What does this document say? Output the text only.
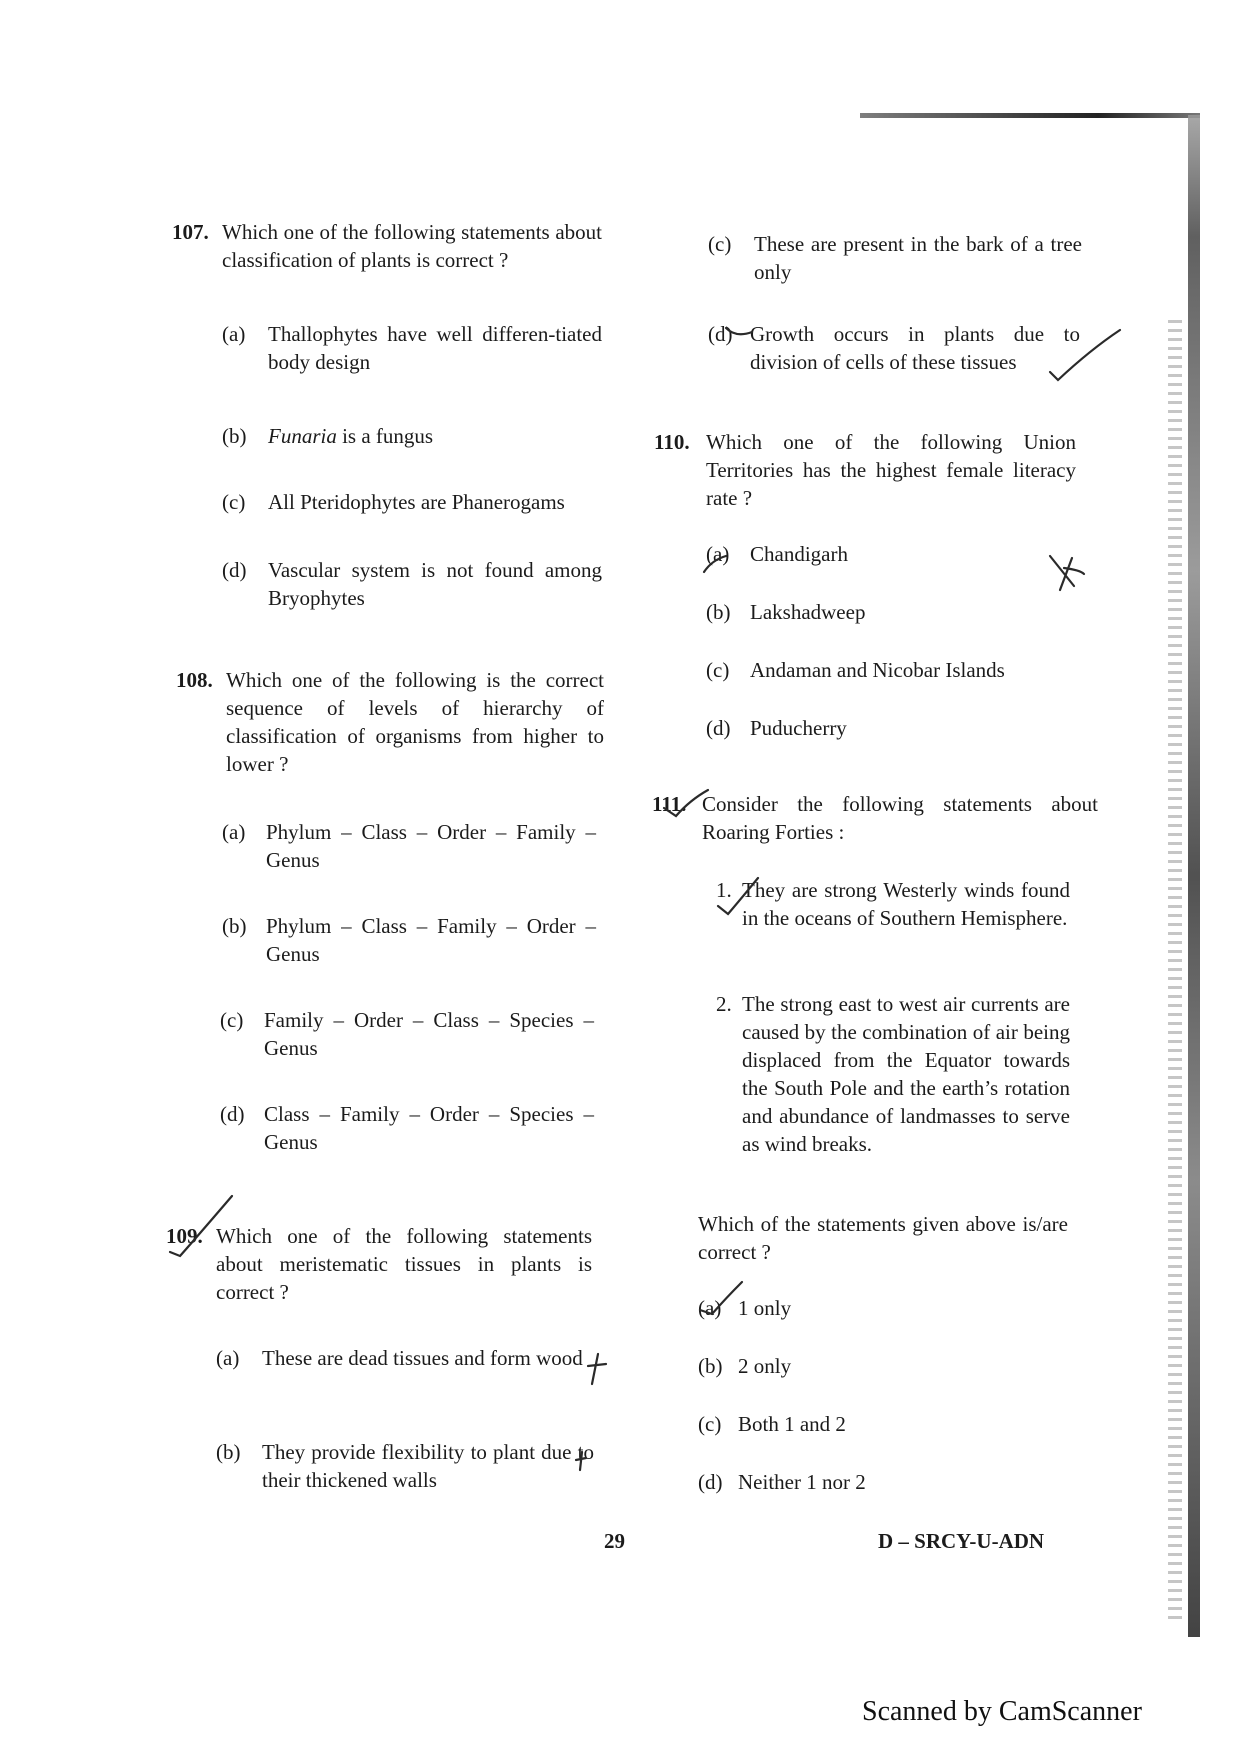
107. Which one of the following statements about classification of plants is correct ?
(a) Thallophytes have well differen-tiated body design
(b) Funaria is a fungus
(c) All Pteridophytes are Phanerogams
(d) Vascular system is not found among Bryophytes
108. Which one of the following is the correct sequence of levels of hierarchy of classification of organisms from higher to lower ?
(a) Phylum – Class – Order – Family – Genus
(b) Phylum – Class – Family – Order – Genus
(c) Family – Order – Class – Species – Genus
(d) Class – Family – Order – Species – Genus
109. Which one of the following statements about meristematic tissues in plants is correct ?
(a) These are dead tissues and form wood
(b) They provide flexibility to plant due to their thickened walls
(c) These are present in the bark of a tree only
(d) Growth occurs in plants due to division of cells of these tissues
110. Which one of the following Union Territories has the highest female literacy rate ?
(a) Chandigarh
(b) Lakshadweep
(c) Andaman and Nicobar Islands
(d) Puducherry
111. Consider the following statements about Roaring Forties :
1. They are strong Westerly winds found in the oceans of Southern Hemisphere.
2. The strong east to west air currents are caused by the combination of air being displaced from the Equator towards the South Pole and the earth’s rotation and abundance of landmasses to serve as wind breaks.
Which of the statements given above is/are correct ?
(a) 1 only
(b) 2 only
(c) Both 1 and 2
(d) Neither 1 nor 2
29	D – SRCY-U-ADN
Scanned by CamScanner
